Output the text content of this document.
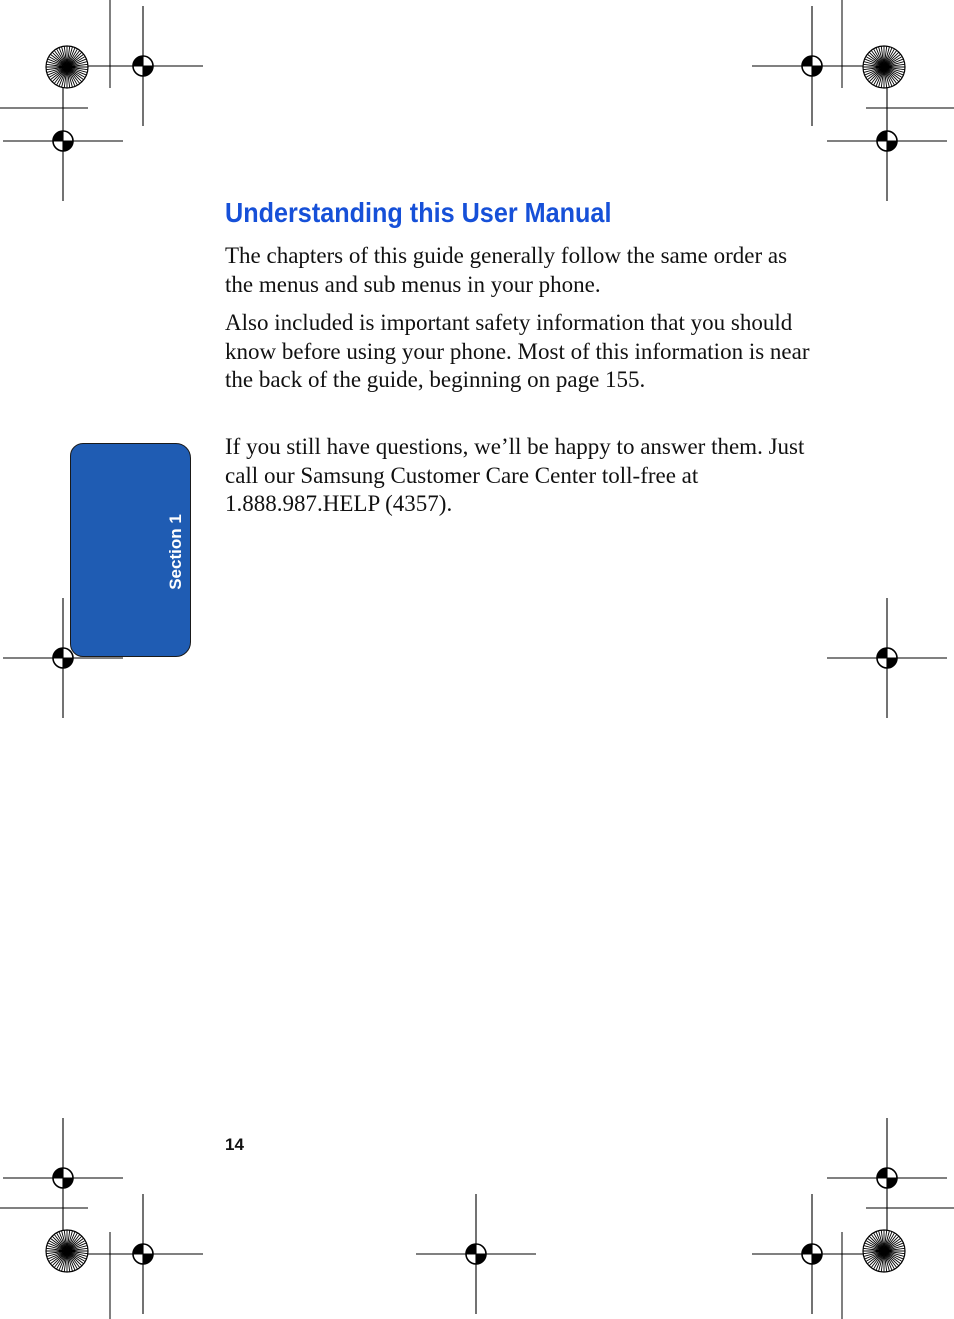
Understanding this User Manual

The chapters of this guide generally follow the same order as the menus and sub menus in your phone.

Also included is important safety information that you should know before using your phone. Most of this information is near the back of the guide, beginning on page 155.

If you still have questions, we’ll be happy to answer them. Just call our Samsung Customer Care Center toll-free at 1.888.987.HELP (4357).

Section 1
14
